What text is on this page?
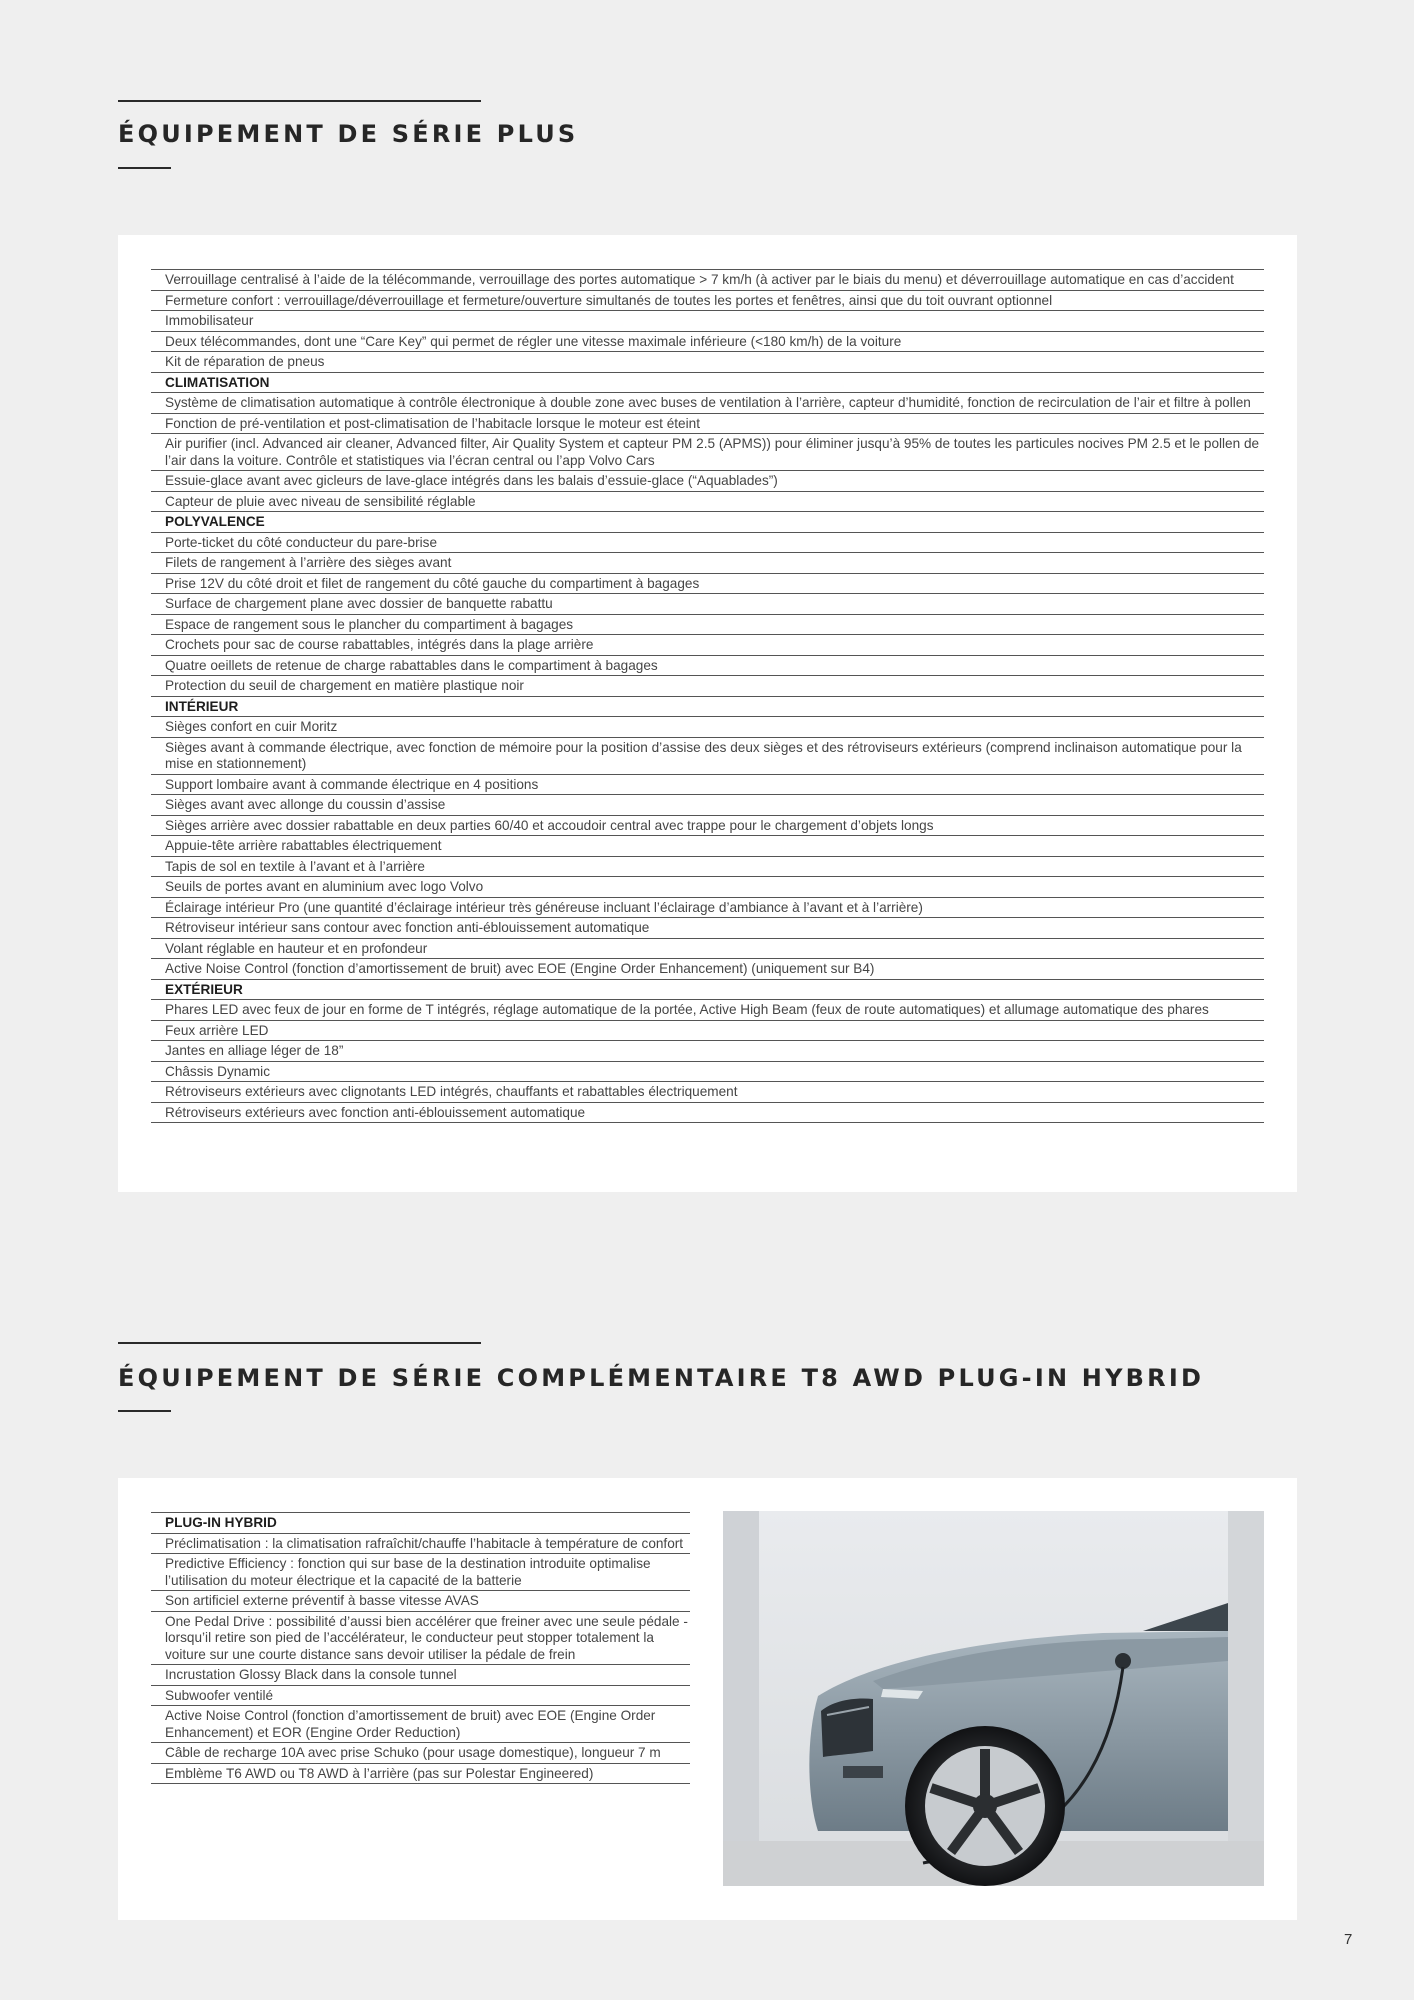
ÉQUIPEMENT DE SÉRIE PLUS
Verrouillage centralisé à l’aide de la télécommande, verrouillage des portes automatique > 7 km/h (à activer par le biais du menu) et déverrouillage automatique en cas d’accident
Fermeture confort : verrouillage/déverrouillage et fermeture/ouverture simultanés de toutes les portes et fenêtres, ainsi que du toit ouvrant optionnel
Immobilisateur
Deux télécommandes, dont une “Care Key” qui permet de régler une vitesse maximale inférieure (<180 km/h) de la voiture
Kit de réparation de pneus
CLIMATISATION
Système de climatisation automatique à contrôle électronique à double zone avec buses de ventilation à l’arrière, capteur d’humidité, fonction de recirculation de l’air et filtre à pollen
Fonction de pré-ventilation et post-climatisation de l’habitacle lorsque le moteur est éteint
Air purifier (incl. Advanced air cleaner, Advanced filter, Air Quality System et capteur PM 2.5 (APMS)) pour éliminer jusqu’à 95% de toutes les particules nocives PM 2.5 et le pollen de l’air dans la voiture. Contrôle et statistiques via l’écran central ou l’app Volvo Cars
Essuie-glace avant avec gicleurs de lave-glace intégrés dans les balais d’essuie-glace (“Aquablades”)
Capteur de pluie avec niveau de sensibilité réglable
POLYVALENCE
Porte-ticket du côté conducteur du pare-brise
Filets de rangement à l’arrière des sièges avant
Prise 12V du côté droit et filet de rangement du côté gauche du compartiment à bagages
Surface de chargement plane avec dossier de banquette rabattu
Espace de rangement sous le plancher du compartiment à bagages
Crochets pour sac de course rabattables, intégrés dans la plage arrière
Quatre oeillets de retenue de charge rabattables dans le compartiment à bagages
Protection du seuil de chargement en matière plastique noir
INTÉRIEUR
Sièges confort en cuir Moritz
Sièges avant à commande électrique, avec fonction de mémoire pour la position d’assise des deux sièges et des rétroviseurs extérieurs (comprend inclinaison automatique pour la mise en stationnement)
Support lombaire avant à commande électrique en 4 positions
Sièges avant avec allonge du coussin d’assise
Sièges arrière avec dossier rabattable en deux parties 60/40 et accoudoir central avec trappe pour le chargement d’objets longs
Appuie-tête arrière rabattables électriquement
Tapis de sol en textile à l’avant et à l’arrière
Seuils de portes avant en aluminium avec logo Volvo
Éclairage intérieur Pro (une quantité d’éclairage intérieur très généreuse incluant l’éclairage d’ambiance à l’avant et à l’arrière)
Rétroviseur intérieur sans contour avec fonction anti-éblouissement automatique
Volant réglable en hauteur et en profondeur
Active Noise Control (fonction d’amortissement de bruit) avec EOE (Engine Order Enhancement) (uniquement sur B4)
EXTÉRIEUR
Phares LED avec feux de jour en forme de T intégrés, réglage automatique de la portée, Active High Beam (feux de route automatiques) et allumage automatique des phares
Feux arrière LED
Jantes en alliage léger de 18”
Châssis Dynamic
Rétroviseurs extérieurs avec clignotants LED intégrés, chauffants et rabattables électriquement
Rétroviseurs extérieurs avec fonction anti-éblouissement automatique
ÉQUIPEMENT DE SÉRIE COMPLÉMENTAIRE T8 AWD PLUG-IN HYBRID
PLUG-IN HYBRID
Préclimatisation : la climatisation rafraîchit/chauffe l’habitacle à température de confort
Predictive Efficiency : fonction qui sur base de la destination introduite optimalise l’utilisation du moteur électrique et la capacité de la batterie
Son artificiel externe préventif à basse vitesse AVAS
One Pedal Drive : possibilité d’aussi bien accélérer que freiner avec une seule pédale - lorsqu’il retire son pied de l’accélérateur, le conducteur peut stopper totalement la voiture sur une courte distance sans devoir utiliser la pédale de frein
Incrustation Glossy Black dans la console tunnel
Subwoofer ventilé
Active Noise Control (fonction d’amortissement de bruit) avec EOE (Engine Order Enhancement) et EOR (Engine Order Reduction)
Câble de recharge 10A avec prise Schuko (pour usage domestique), longueur 7 m
Emblème T6 AWD ou T8 AWD à l’arrière (pas sur Polestar Engineered)
7
